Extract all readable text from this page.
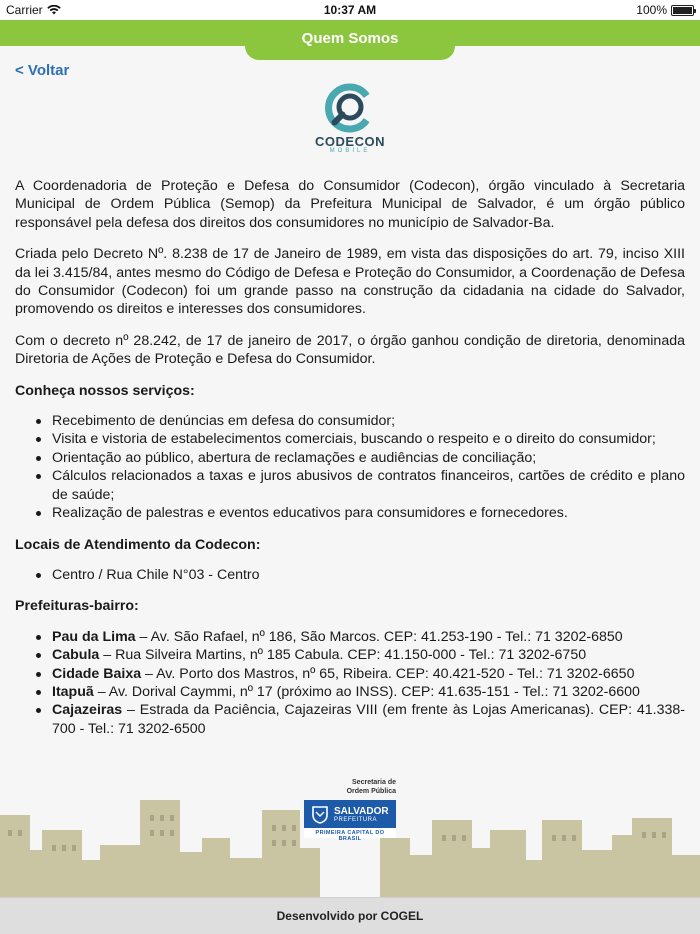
Carrier	10:37 AM	100%
Quem Somos
< Voltar
CODECON
MOBILE

A Coordenadoria de Proteção e Defesa do Consumidor (Codecon), órgão vinculado à Secretaria Municipal de Ordem Pública (Semop) da Prefeitura Municipal de Salvador, é um órgão público responsável pela defesa dos direitos dos consumidores no município de Salvador-Ba.

Criada pelo Decreto Nº. 8.238 de 17 de Janeiro de 1989, em vista das disposições do art. 79, inciso XIII da lei 3.415/84, antes mesmo do Código de Defesa e Proteção do Consumidor, a Coordenação de Defesa do Consumidor (Codecon) foi um grande passo na construção da cidadania na cidade do Salvador, promovendo os direitos e interesses dos consumidores.

Com o decreto nº 28.242, de 17 de janeiro de 2017, o órgão ganhou condição de diretoria, denominada Diretoria de Ações de Proteção e Defesa do Consumidor.

Conheça nossos serviços:
Recebimento de denúncias em defesa do consumidor;
Visita e vistoria de estabelecimentos comerciais, buscando o respeito e o direito do consumidor;
Orientação ao público, abertura de reclamações e audiências de conciliação;
Cálculos relacionados a taxas e juros abusivos de contratos financeiros, cartões de crédito e plano de saúde;
Realização de palestras e eventos educativos para consumidores e fornecedores.
Locais de Atendimento da Codecon:
Centro / Rua Chile N°03 - Centro
Prefeituras-bairro:
Pau da Lima – Av. São Rafael, nº 186, São Marcos. CEP: 41.253-190 - Tel.: 71 3202-6850
Cabula – Rua Silveira Martins, nº 185 Cabula. CEP: 41.150-000 - Tel.: 71 3202-6750
Cidade Baixa – Av. Porto dos Mastros, nº 65, Ribeira. CEP: 40.421-520 - Tel.: 71 3202-6650
Itapuã – Av. Dorival Caymmi, nº 17 (próximo ao INSS). CEP: 41.635-151 - Tel.: 71 3202-6600
Cajazeiras – Estrada da Paciência, Cajazeiras VIII (em frente às Lojas Americanas). CEP: 41.338-700 - Tel.: 71 3202-6500
Secretaria de
Ordem Pública
SALVADOR
PREFEITURA
PRIMEIRA CAPITAL DO BRASIL
Desenvolvido por COGEL
